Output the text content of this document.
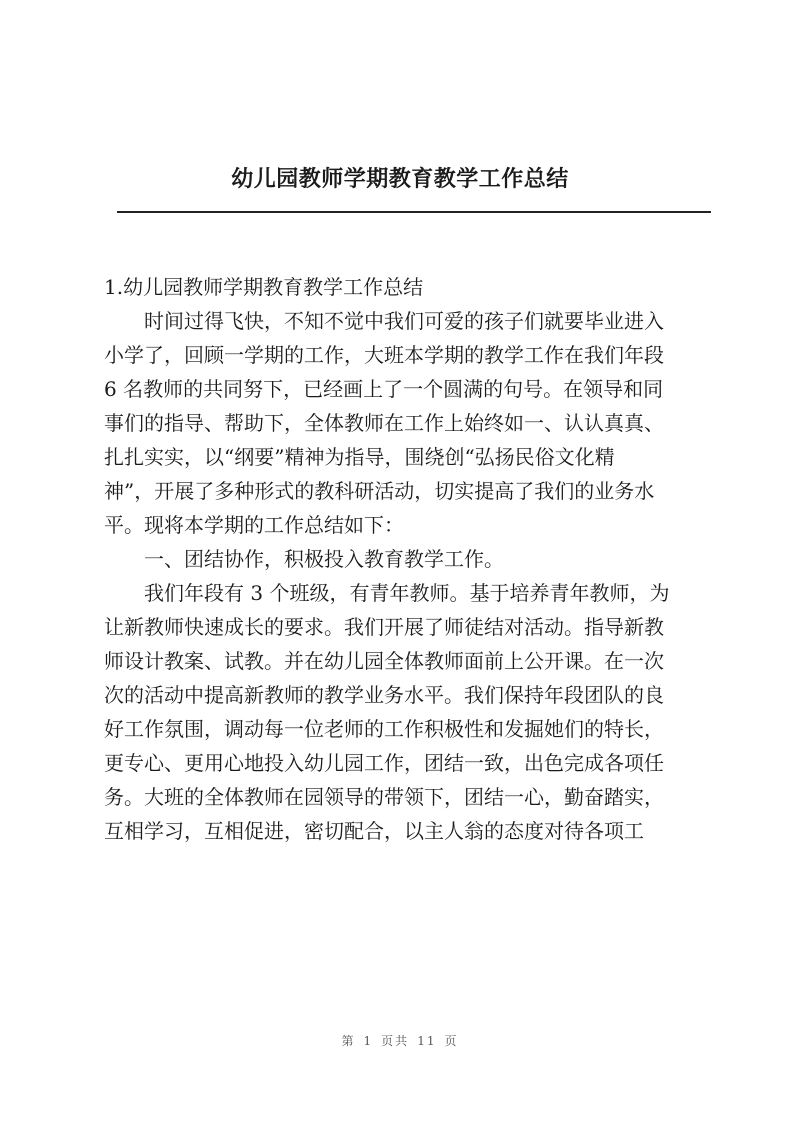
幼儿园教师学期教育教学工作总结
1.幼儿园教师学期教育教学工作总结
　　时间过得飞快，不知不觉中我们可爱的孩子们就要毕业进入
小学了，回顾一学期的工作，大班本学期的教学工作在我们年段
6 名教师的共同努下，已经画上了一个圆满的句号。在领导和同
事们的指导、帮助下，全体教师在工作上始终如一、认认真真、
扎扎实实，以“纲要”精神为指导，围绕创“弘扬民俗文化精
神”，开展了多种形式的教科研活动，切实提高了我们的业务水
平。现将本学期的工作总结如下：
　　一、团结协作，积极投入教育教学工作。
　　我们年段有 3 个班级，有青年教师。基于培养青年教师，为
让新教师快速成长的要求。我们开展了师徒结对活动。指导新教
师设计教案、试教。并在幼儿园全体教师面前上公开课。在一次
次的活动中提高新教师的教学业务水平。我们保持年段团队的良
好工作氛围，调动每一位老师的工作积极性和发掘她们的特长，
更专心、更用心地投入幼儿园工作，团结一致，出色完成各项任
务。大班的全体教师在园领导的带领下，团结一心，勤奋踏实，
互相学习，互相促进，密切配合，以主人翁的态度对待各项工
第 1 页共 11 页
